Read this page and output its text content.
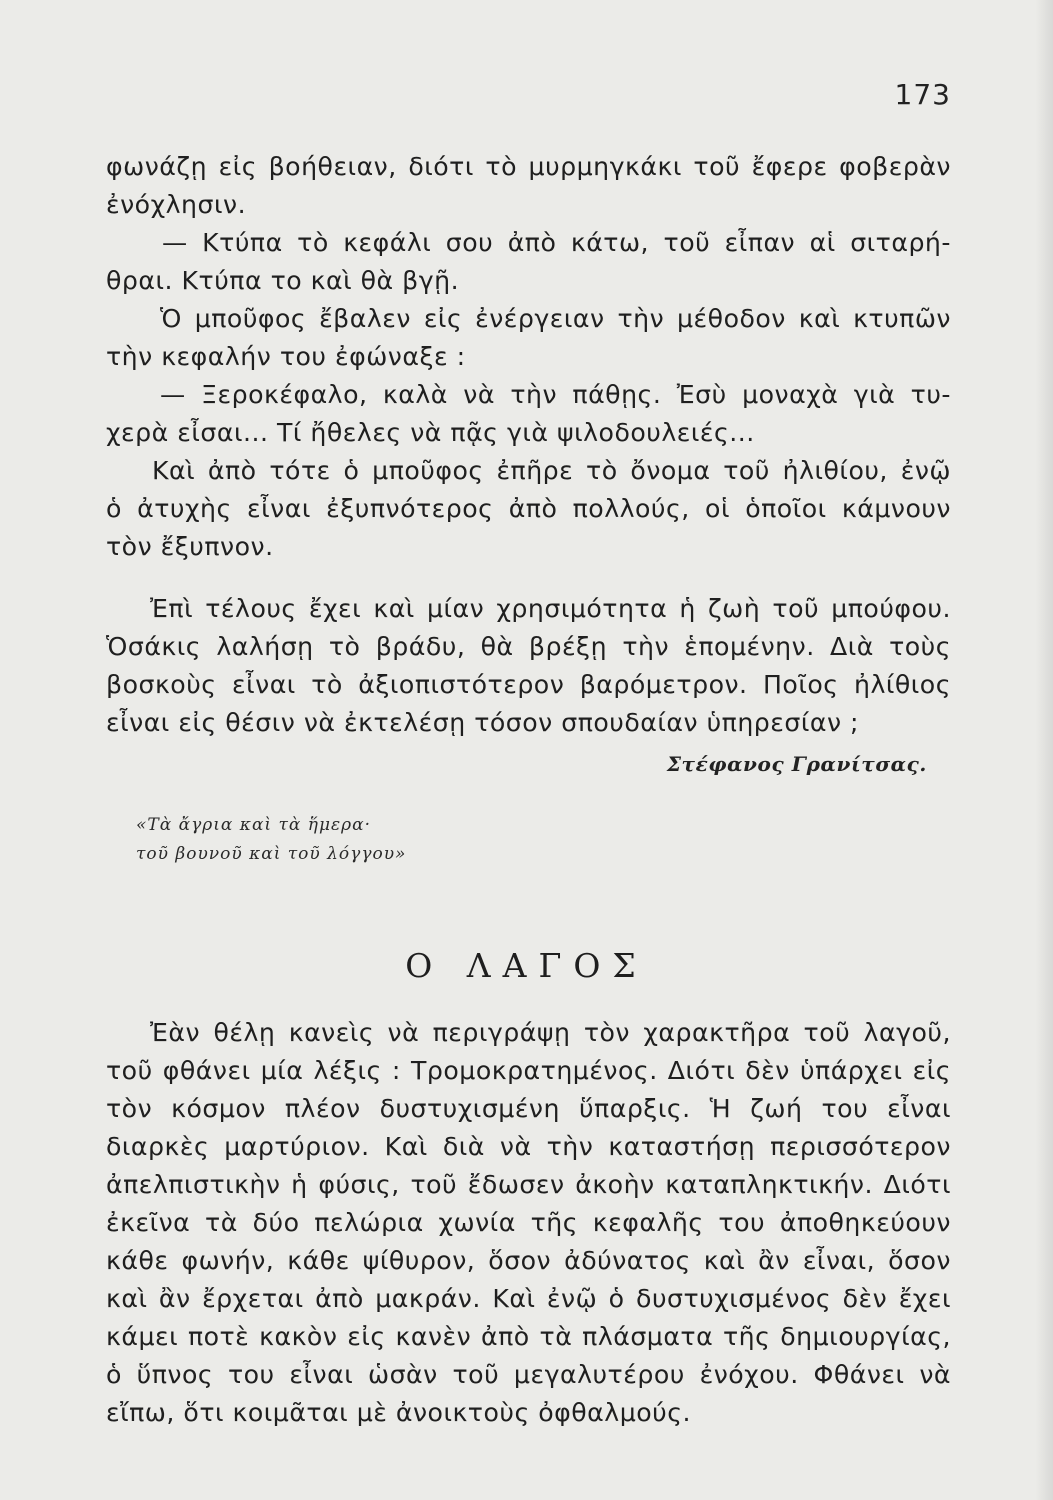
173
φωνάζῃ εἰς βοήθειαν, διότι τὸ μυρμηγκάκι τοῦ ἔφερε φοβερὰν
ἐνόχλησιν.
— Κτύπα τὸ κεφάλι σου ἀπὸ κάτω, τοῦ εἶπαν αἱ σιταρή-
θραι. Κτύπα το καὶ θὰ βγῇ.
Ὁ μποῦφος ἔβαλεν εἰς ἐνέργειαν τὴν μέθοδον καὶ κτυπῶν
τὴν κεφαλήν του ἐφώναξε :
— Ξεροκέφαλο, καλὰ νὰ τὴν πάθῃς. Ἐσὺ μοναχὰ γιὰ τυ-
χερὰ εἶσαι... Τί ἤθελες νὰ πᾷς γιὰ ψιλοδουλειές...
Καὶ ἀπὸ τότε ὁ μποῦφος ἐπῆρε τὸ ὄνομα τοῦ ἠλιθίου, ἐνῷ
ὁ ἀτυχὴς εἶναι ἐξυπνότερος ἀπὸ πολλούς, οἱ ὁποῖοι κάμνουν
τὸν ἔξυπνον.
Ἐπὶ τέλους ἔχει καὶ μίαν χρησιμότητα ἡ ζωὴ τοῦ μπούφου.
Ὁσάκις λαλήσῃ τὸ βράδυ, θὰ βρέξῃ τὴν ἑπομένην. Διὰ τοὺς
βοσκοὺς εἶναι τὸ ἀξιοπιστότερον βαρόμετρον. Ποῖος ἠλίθιος
εἶναι εἰς θέσιν νὰ ἐκτελέσῃ τόσον σπουδαίαν ὑπηρεσίαν ;
Στέφανος Γρανίτσας.
«Τὰ ἄγρια καὶ τὰ ἥμερα·
τοῦ βουνοῦ καὶ τοῦ λόγγου»
Ο ΛΑΓΟΣ
Ἐὰν θέλῃ κανεὶς νὰ περιγράψῃ τὸν χαρακτῆρα τοῦ λαγοῦ,
τοῦ φθάνει μία λέξις : Τρομοκρατημένος. Διότι δὲν ὑπάρχει εἰς
τὸν κόσμον πλέον δυστυχισμένη ὕπαρξις. Ἡ ζωή του εἶναι
διαρκὲς μαρτύριον. Καὶ διὰ νὰ τὴν καταστήσῃ περισσότερον
ἀπελπιστικὴν ἡ φύσις, τοῦ ἔδωσεν ἀκοὴν καταπληκτικήν. Διότι
ἐκεῖνα τὰ δύο πελώρια χωνία τῆς κεφαλῆς του ἀποθηκεύουν
κάθε φωνήν, κάθε ψίθυρον, ὅσον ἀδύνατος καὶ ἂν εἶναι, ὅσον
καὶ ἂν ἔρχεται ἀπὸ μακράν. Καὶ ἐνῷ ὁ δυστυχισμένος δὲν ἔχει
κάμει ποτὲ κακὸν εἰς κανὲν ἀπὸ τὰ πλάσματα τῆς δημιουργίας,
ὁ ὕπνος του εἶναι ὡσὰν τοῦ μεγαλυτέρου ἐνόχου. Φθάνει νὰ
εἴπω, ὅτι κοιμᾶται μὲ ἀνοικτοὺς ὀφθαλμούς.
